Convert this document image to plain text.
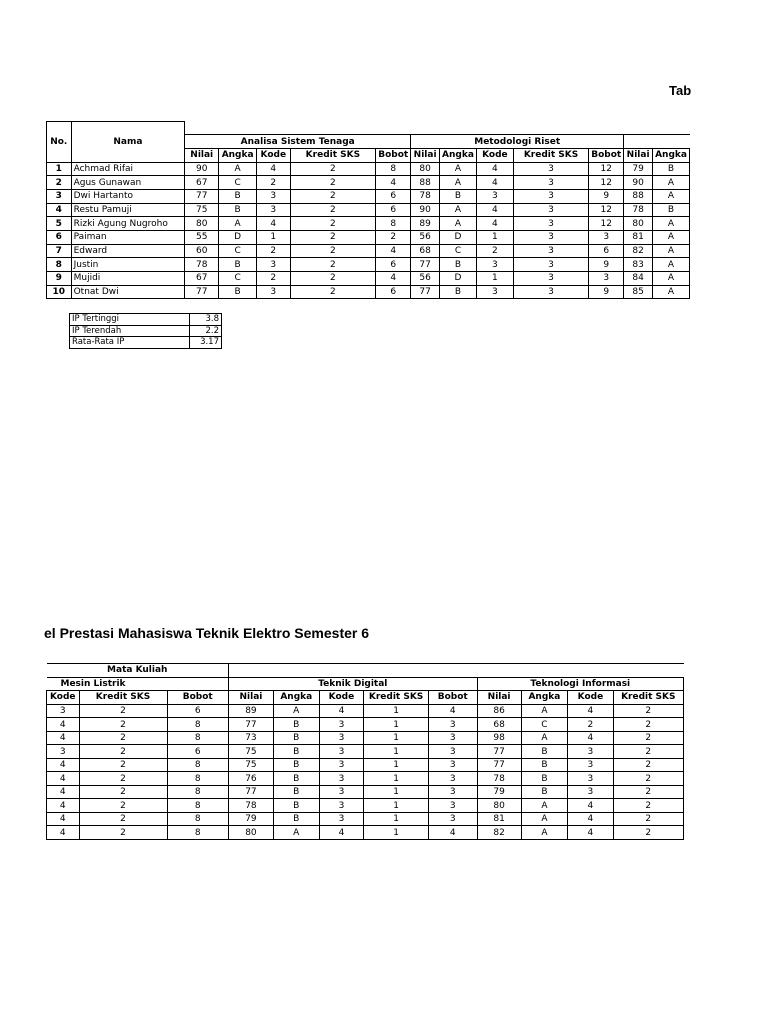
Tab
No.	Nama												
		Analisa Sistem Tenaga					Metodologi Riset						
		Nilai	Angka	Kode	Kredit SKS	Bobot	Nilai	Angka	Kode	Kredit SKS	Bobot	Nilai	Angka
1	Achmad Rifai	90	A	4	2	8	80	A	4	3	12	79	B
2	Agus Gunawan	67	C	2	2	4	88	A	4	3	12	90	A
3	Dwi Hartanto	77	B	3	2	6	78	B	3	3	9	88	A
4	Restu Pamuji	75	B	3	2	6	90	A	4	3	12	78	B
5	Rizki Agung Nugroho	80	A	4	2	8	89	A	4	3	12	80	A
6	Paiman	55	D	1	2	2	56	D	1	3	3	81	A
7	Edward	60	C	2	2	4	68	C	2	3	6	82	A
8	Justin	78	B	3	2	6	77	B	3	3	9	83	A
9	Mujidi	67	C	2	2	4	56	D	1	3	3	84	A
10	Otnat Dwi	77	B	3	2	6	77	B	3	3	9	85	A
IP Tertinggi	3.8
IP Terendah	2.2
Rata-Rata IP	3.17
el Prestasi Mahasiswa Teknik Elektro Semester 6
Mata Kuliah											
Mesin Listrik			Teknik Digital					Teknologi Informasi			
Kode	Kredit SKS	Bobot	Nilai	Angka	Kode	Kredit SKS	Bobot	Nilai	Angka	Kode	Kredit SKS
3	2	6	89	A	4	1	4	86	A	4	2
4	2	8	77	B	3	1	3	68	C	2	2
4	2	8	73	B	3	1	3	98	A	4	2
3	2	6	75	B	3	1	3	77	B	3	2
4	2	8	75	B	3	1	3	77	B	3	2
4	2	8	76	B	3	1	3	78	B	3	2
4	2	8	77	B	3	1	3	79	B	3	2
4	2	8	78	B	3	1	3	80	A	4	2
4	2	8	79	B	3	1	3	81	A	4	2
4	2	8	80	A	4	1	4	82	A	4	2
